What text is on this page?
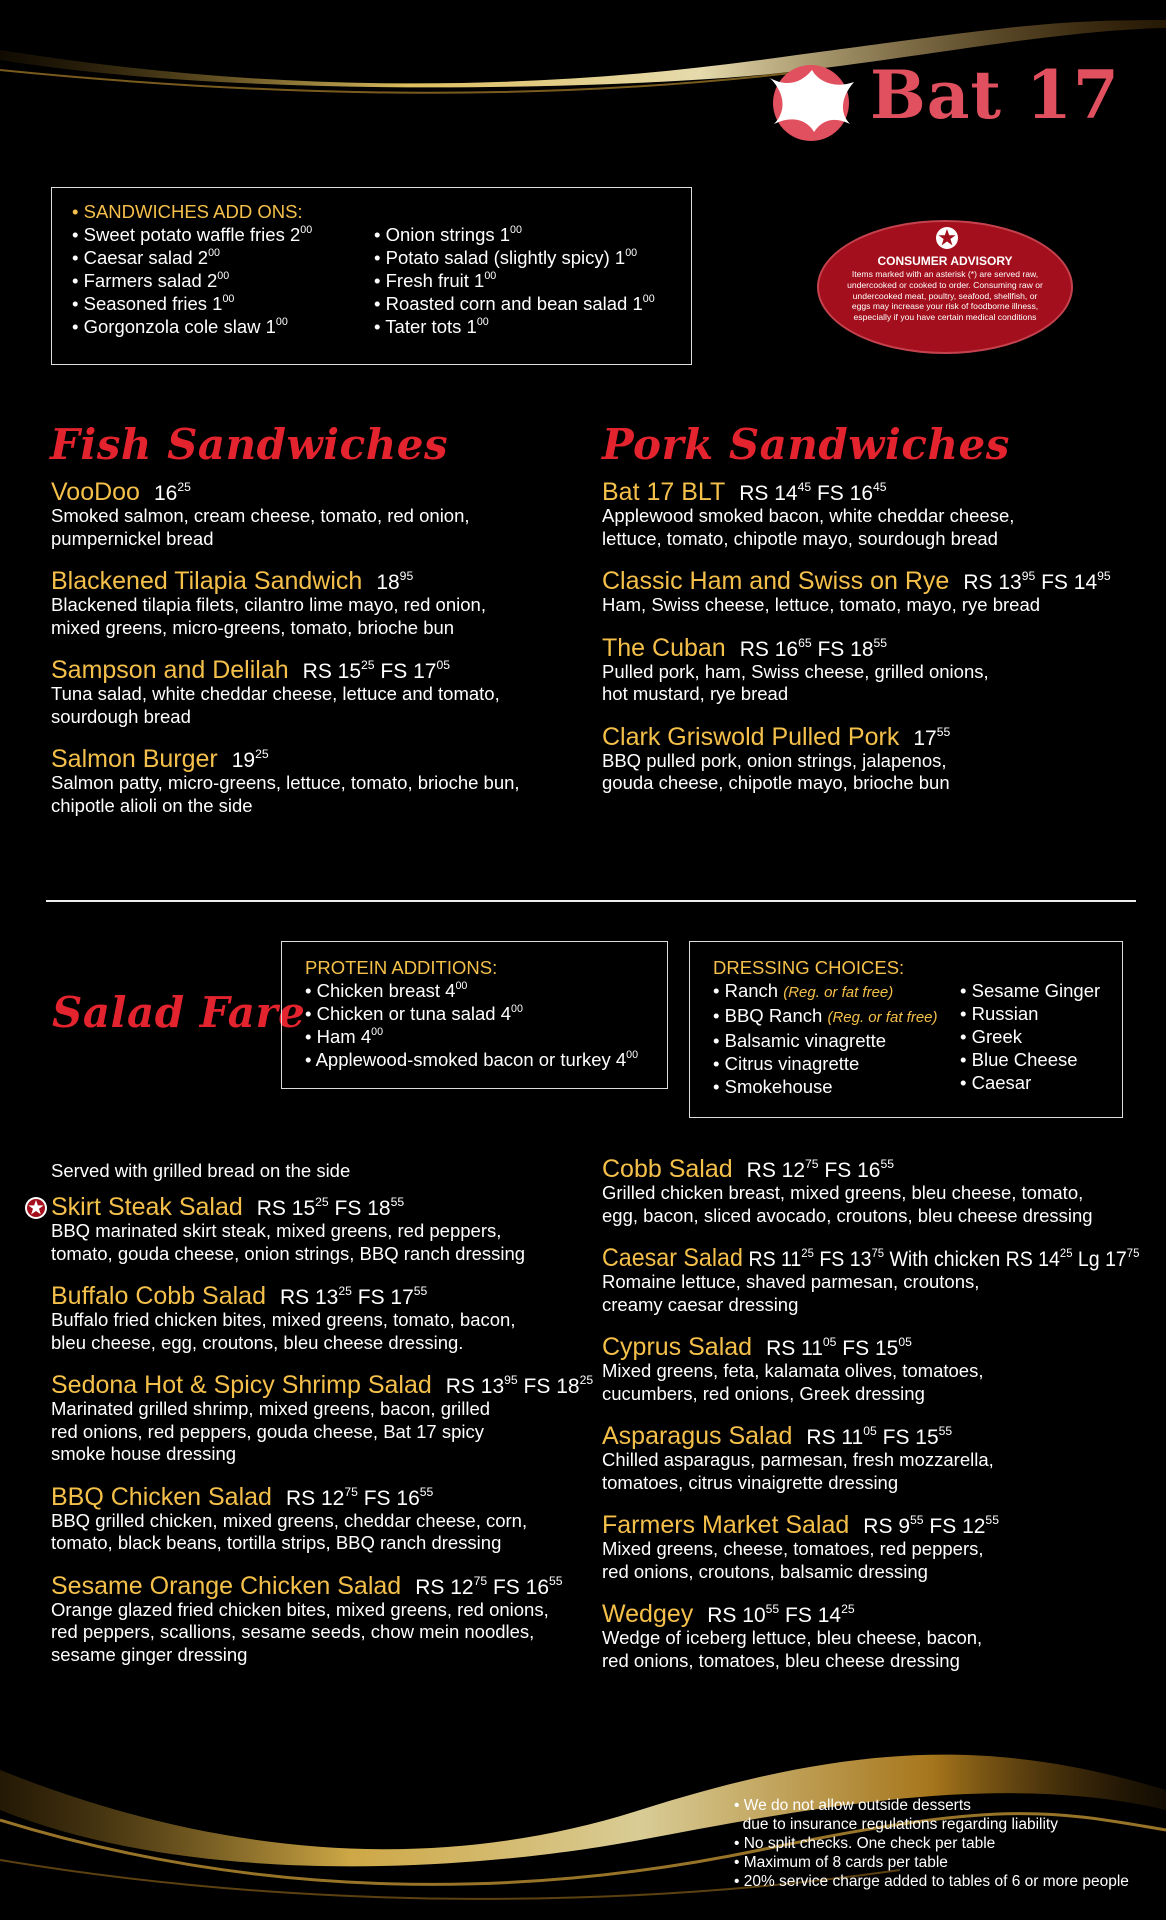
Bat 17
• SANDWICHES ADD ONS:
• Sweet potato waffle fries $2^{00}$
• Caesar salad $2^{00}$
• Farmers salad $2^{00}$
• Seasoned fries $1^{00}$
• Gorgonzola cole slaw $1^{00}$
• Onion strings $1^{00}$
• Potato salad (slightly spicy) $1^{00}$
• Fresh fruit $1^{00}$
• Roasted corn and bean salad $1^{00}$
• Tater tots $1^{00}$
CONSUMER ADVISORY
Items marked with an asterisk (*) are served raw, undercooked or cooked to order. Consuming raw or undercooked meat, poultry, seafood, shellfish, or eggs may increase your risk of foodborne illness, especially if you have certain medical conditions
Fish Sandwiches	Pork Sandwiches
VooDoo $16^{25}$
Smoked salmon, cream cheese, tomato, red onion,
pumpernickel bread
Blackened Tilapia Sandwich $18^{95}$
Blackened tilapia filets, cilantro lime mayo, red onion,
mixed greens, micro-greens, tomato, brioche bun
Sampson and Delilah RS $15^{25}$ FS $17^{05}$
Tuna salad, white cheddar cheese, lettuce and tomato,
sourdough bread
Salmon Burger $19^{25}$
Salmon patty, micro-greens, lettuce, tomato, brioche bun,
chipotle alioli on the side
Bat 17 BLT RS $14^{45}$ FS $16^{45}$
Applewood smoked bacon, white cheddar cheese,
lettuce, tomato, chipotle mayo, sourdough bread
Classic Ham and Swiss on Rye RS $13^{95}$ FS $14^{95}$
Ham, Swiss cheese, lettuce, tomato, mayo, rye bread
The Cuban RS $16^{65}$ FS $18^{55}$
Pulled pork, ham, Swiss cheese, grilled onions,
hot mustard, rye bread
Clark Griswold Pulled Pork $17^{55}$
BBQ pulled pork, onion strings, jalapenos,
gouda cheese, chipotle mayo, brioche bun
Salad Fare
PROTEIN ADDITIONS:
• Chicken breast $4^{00}$
• Chicken or tuna salad $4^{00}$
• Ham $4^{00}$
• Applewood-smoked bacon or turkey $4^{00}$
DRESSING CHOICES:
• Ranch (Reg. or fat free)
• BBQ Ranch (Reg. or fat free)
• Balsamic vinagrette
• Citrus vinagrette
• Smokehouse
• Sesame Ginger
• Russian
• Greek
• Blue Cheese
• Caesar
Served with grilled bread on the side
Skirt Steak Salad RS $15^{25}$ FS $18^{55}$
BBQ marinated skirt steak, mixed greens, red peppers,
tomato, gouda cheese, onion strings, BBQ ranch dressing
Buffalo Cobb Salad RS $13^{25}$ FS $17^{55}$
Buffalo fried chicken bites, mixed greens, tomato, bacon,
bleu cheese, egg, croutons, bleu cheese dressing.
Sedona Hot & Spicy Shrimp Salad RS $13^{95}$ FS $18^{25}$
Marinated grilled shrimp, mixed greens, bacon, grilled
red onions, red peppers, gouda cheese, Bat 17 spicy
smoke house dressing
BBQ Chicken Salad RS $12^{75}$ FS $16^{55}$
BBQ grilled chicken, mixed greens, cheddar cheese, corn,
tomato, black beans, tortilla strips, BBQ ranch dressing
Sesame Orange Chicken Salad RS $12^{75}$ FS $16^{55}$
Orange glazed fried chicken bites, mixed greens, red onions,
red peppers, scallions, sesame seeds, chow mein noodles,
sesame ginger dressing
Cobb Salad RS $12^{75}$ FS $16^{55}$
Grilled chicken breast, mixed greens, bleu cheese, tomato,
egg, bacon, sliced avocado, croutons, bleu cheese dressing
Caesar Salad RS $11^{25}$ FS $13^{75}$ With chicken RS $14^{25}$ Lg $17^{75}$
Romaine lettuce, shaved parmesan, croutons,
creamy caesar dressing
Cyprus Salad RS $11^{05}$ FS $15^{05}$
Mixed greens, feta, kalamata olives, tomatoes,
cucumbers, red onions, Greek dressing
Asparagus Salad RS $11^{05}$ FS $15^{55}$
Chilled asparagus, parmesan, fresh mozzarella,
tomatoes, citrus vinaigrette dressing
Farmers Market Salad RS $9^{55}$ FS $12^{55}$
Mixed greens, cheese, tomatoes, red peppers,
red onions, croutons, balsamic dressing
Wedgey RS $10^{55}$ FS $14^{25}$
Wedge of iceberg lettuce, bleu cheese, bacon,
red onions, tomatoes, bleu cheese dressing
• We do not allow outside desserts
due to insurance regulations regarding liability
• No split checks. One check per table
• Maximum of 8 cards per table
• 20% service charge added to tables of 6 or more people
